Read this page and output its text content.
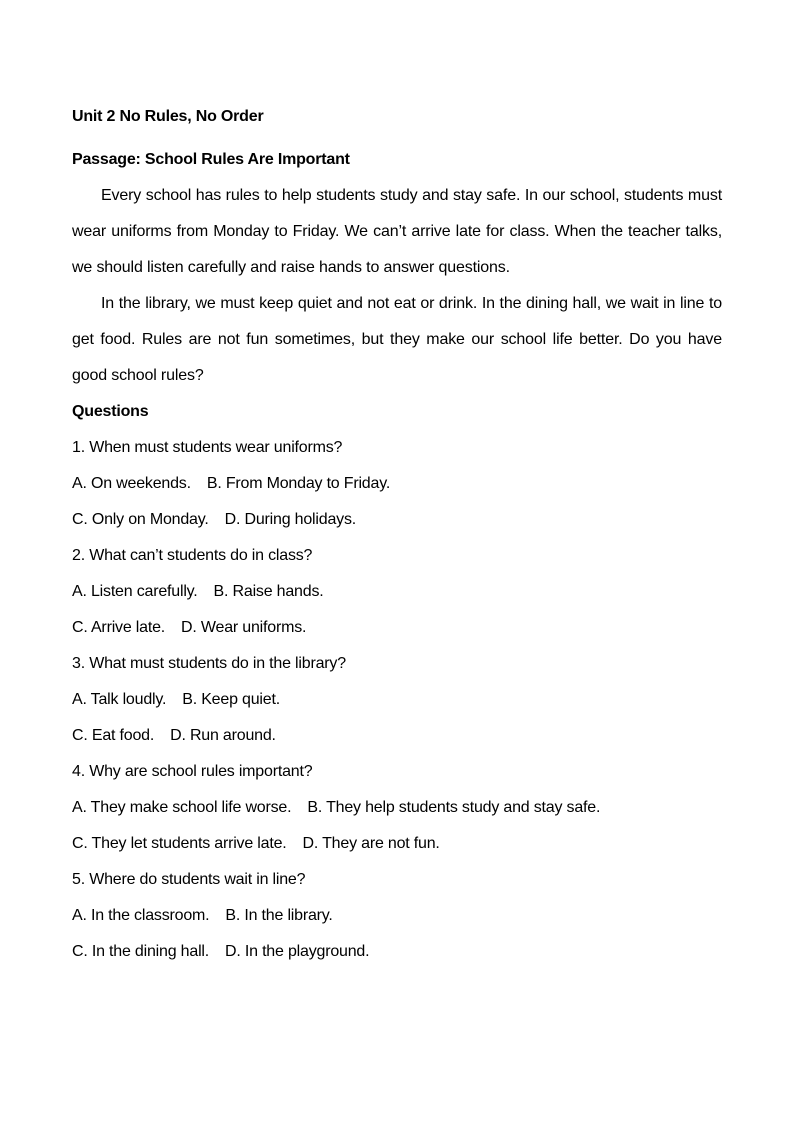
Unit 2 No Rules, No Order
Passage: School Rules Are Important

Every school has rules to help students study and stay safe. In our school, students must wear uniforms from Monday to Friday. We can’t arrive late for class. When the teacher talks, we should listen carefully and raise hands to answer questions.

In the library, we must keep quiet and not eat or drink. In the dining hall, we wait in line to get food. Rules are not fun sometimes, but they make our school life better. Do you have good school rules?

Questions
1. When must students wear uniforms?
A. On weekends. B. From Monday to Friday.
C. Only on Monday. D. During holidays.
2. What can’t students do in class?
A. Listen carefully. B. Raise hands.
C. Arrive late. D. Wear uniforms.
3. What must students do in the library?
A. Talk loudly. B. Keep quiet.
C. Eat food. D. Run around.
4. Why are school rules important?
A. They make school life worse. B. They help students study and stay safe.
C. They let students arrive late. D. They are not fun.
5. Where do students wait in line?
A. In the classroom. B. In the library.
C. In the dining hall. D. In the playground.
